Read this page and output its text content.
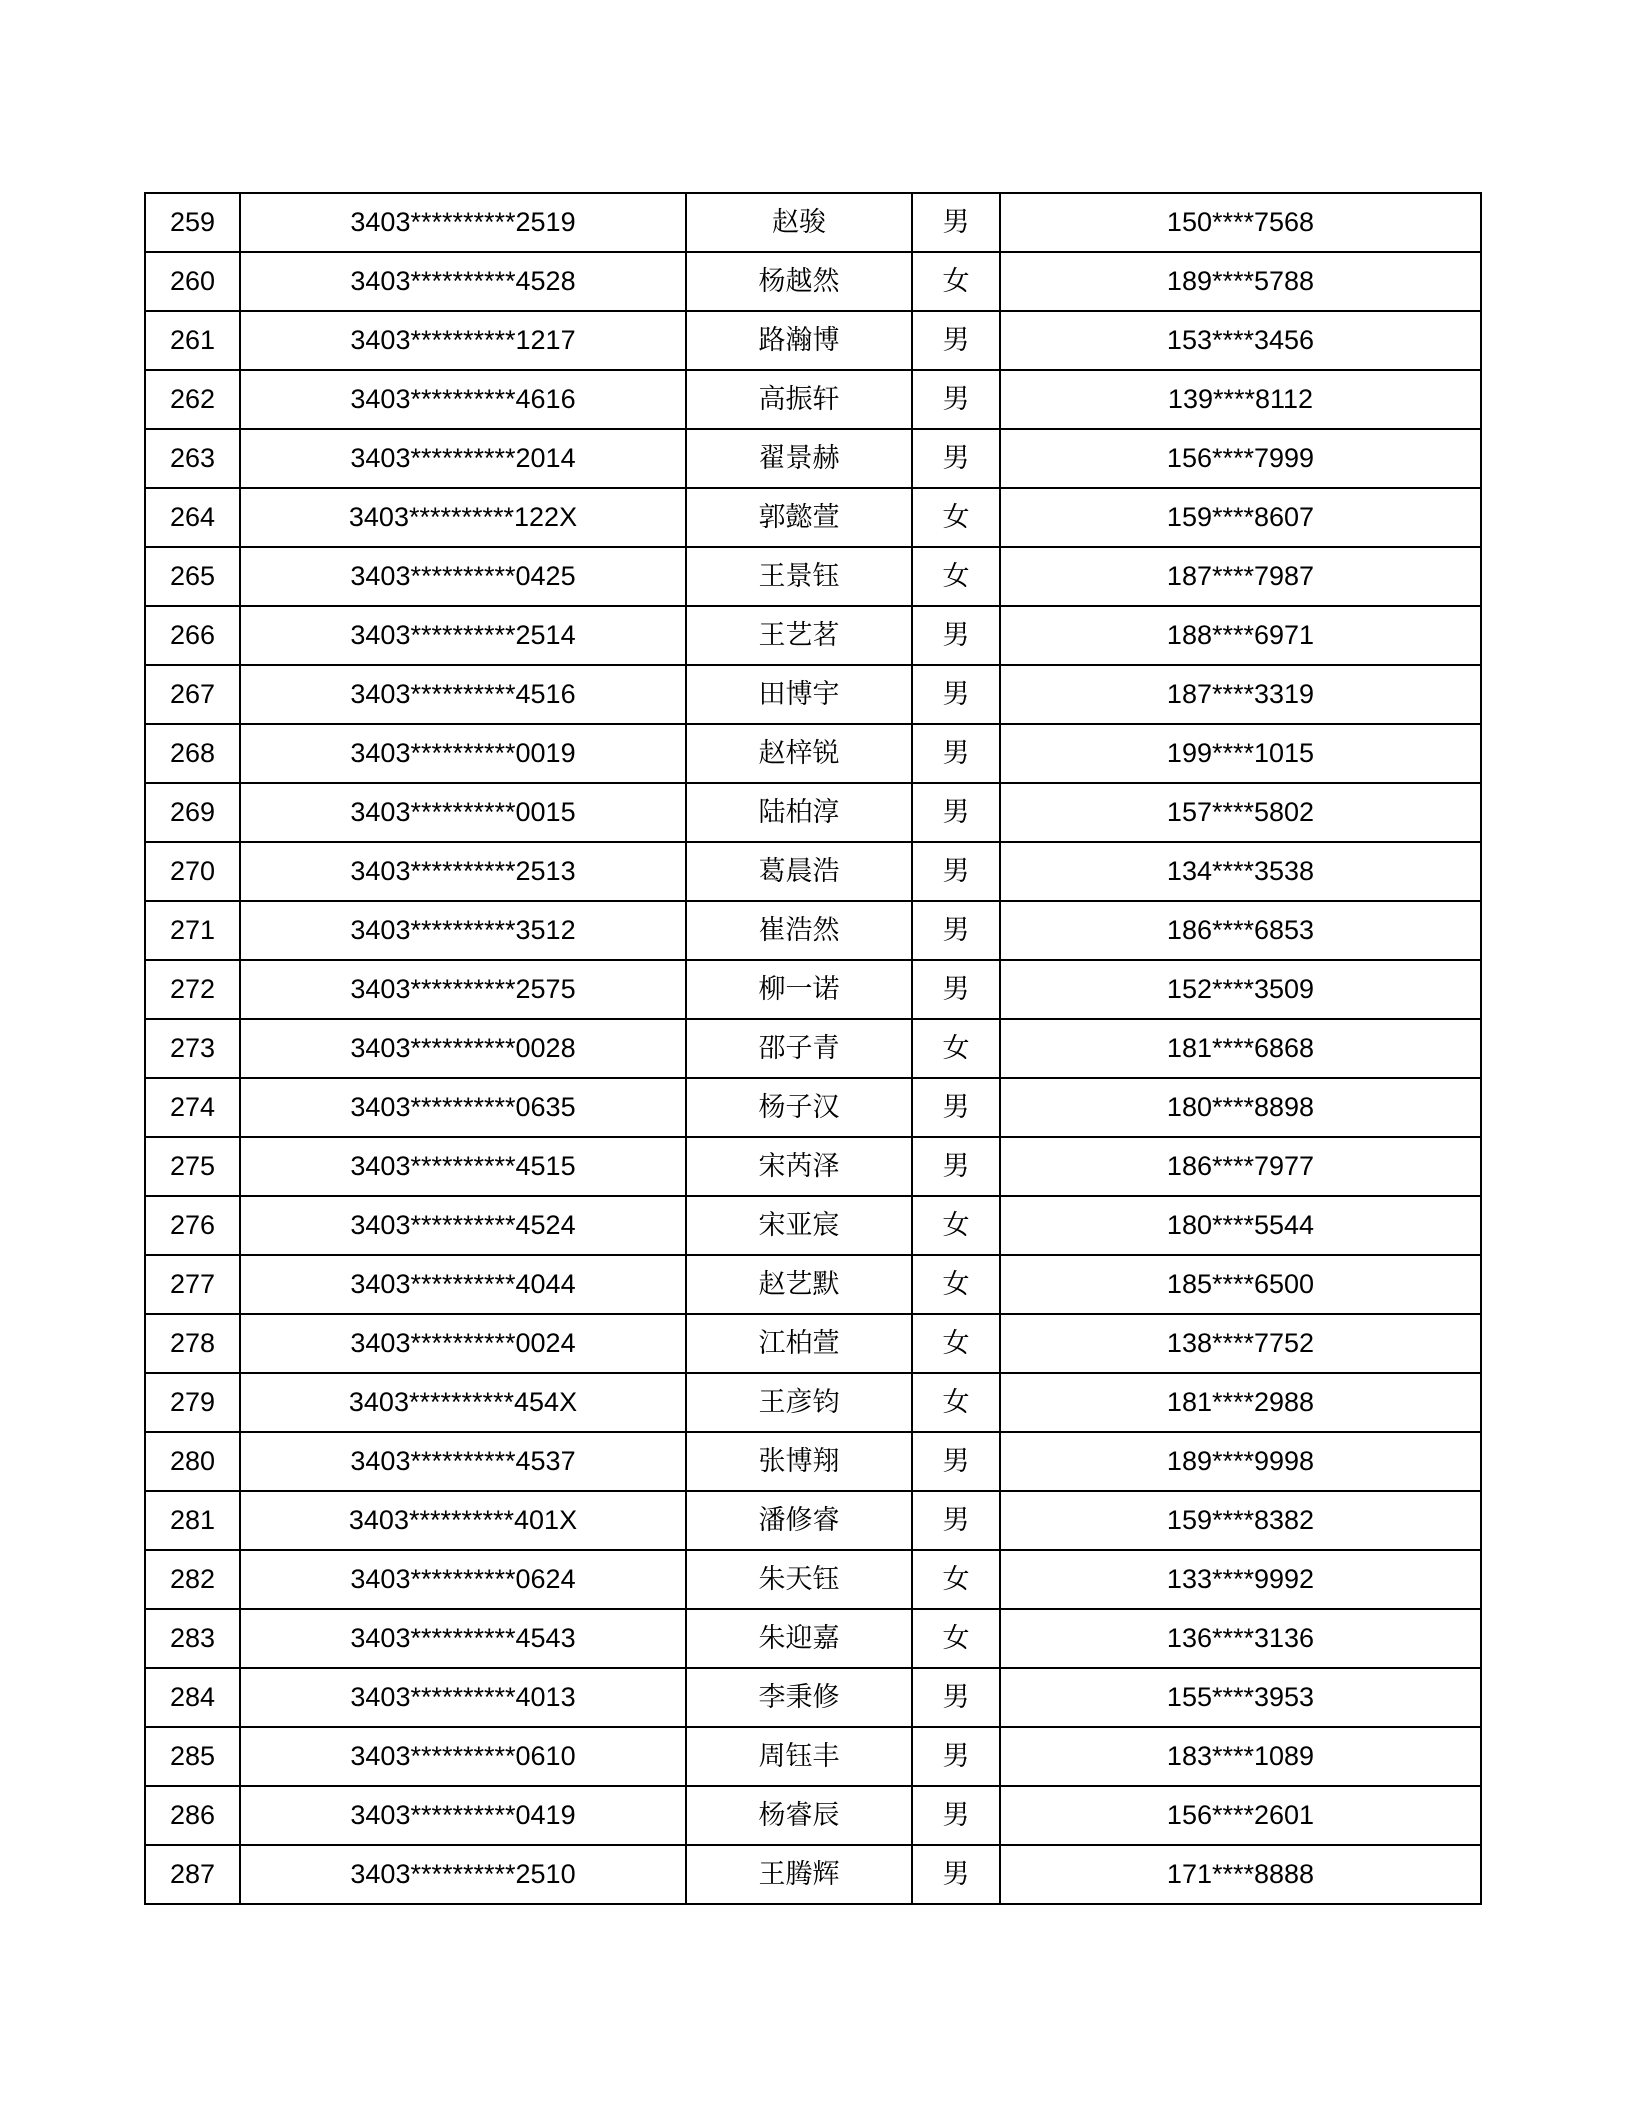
259	3403**********2519	赵骏	男	150****7568
260	3403**********4528	杨越然	女	189****5788
261	3403**********1217	路瀚博	男	153****3456
262	3403**********4616	高振轩	男	139****8112
263	3403**********2014	翟景赫	男	156****7999
264	3403**********122X	郭懿萱	女	159****8607
265	3403**********0425	王景钰	女	187****7987
266	3403**********2514	王艺茗	男	188****6971
267	3403**********4516	田博宇	男	187****3319
268	3403**********0019	赵梓锐	男	199****1015
269	3403**********0015	陆柏淳	男	157****5802
270	3403**********2513	葛晨浩	男	134****3538
271	3403**********3512	崔浩然	男	186****6853
272	3403**********2575	柳一诺	男	152****3509
273	3403**********0028	邵子青	女	181****6868
274	3403**********0635	杨子汉	男	180****8898
275	3403**********4515	宋芮泽	男	186****7977
276	3403**********4524	宋亚宸	女	180****5544
277	3403**********4044	赵艺默	女	185****6500
278	3403**********0024	江柏萱	女	138****7752
279	3403**********454X	王彦钧	女	181****2988
280	3403**********4537	张博翔	男	189****9998
281	3403**********401X	潘修睿	男	159****8382
282	3403**********0624	朱天钰	女	133****9992
283	3403**********4543	朱迎嘉	女	136****3136
284	3403**********4013	李秉修	男	155****3953
285	3403**********0610	周钰丰	男	183****1089
286	3403**********0419	杨睿辰	男	156****2601
287	3403**********2510	王腾辉	男	171****8888
